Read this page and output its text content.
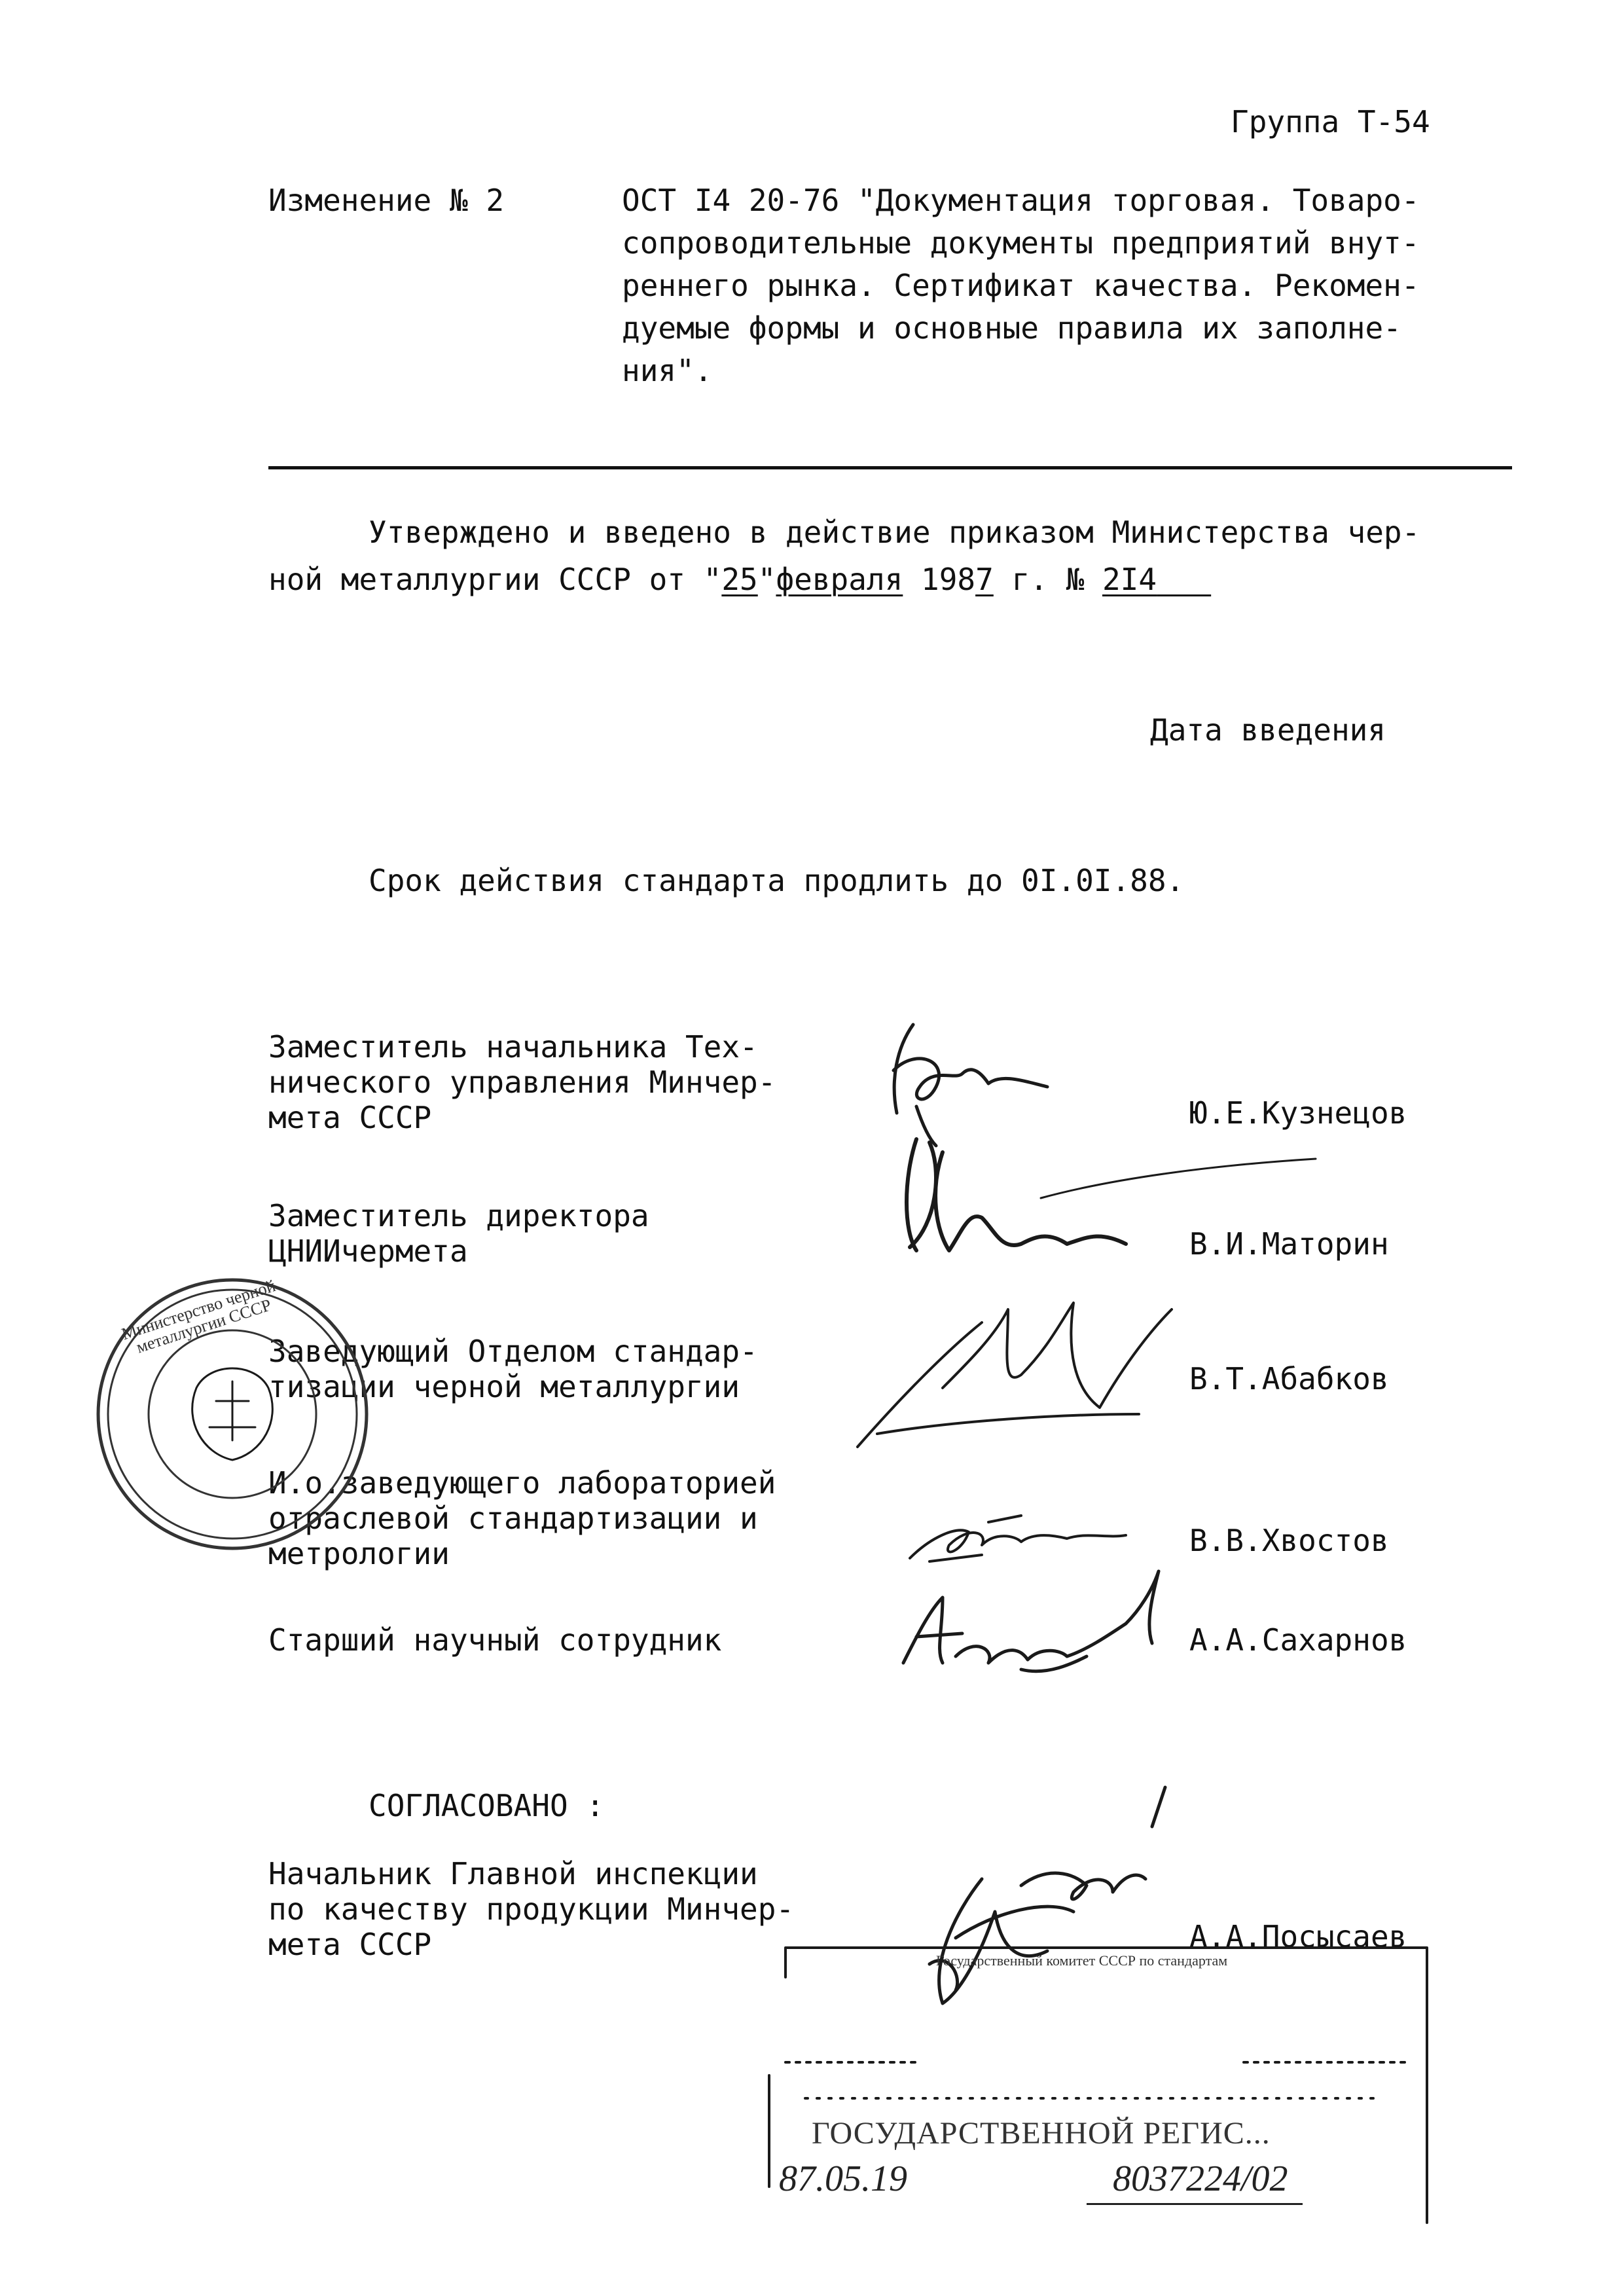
Группа Т-54
Изменение № 2	ОСТ I4 20-76 "Документация торговая. Товаро-
сопроводительные документы предприятий внут-
реннего рынка. Сертификат качества. Рекомен-
дуемые формы и основные правила их заполне-
ния".
Утверждено и введено в действие приказом Министерства чер-
ной металлургии СССР от "25"февраля 1987 г. № 2I4
Дата введения
Срок действия стандарта продлить до 0I.0I.88.
Заместитель начальника Тех-
нического управления Минчер-
мета СССР	Ю.Е.Кузнецов
Заместитель директора
ЦНИИчермета	В.И.Маторин
Заведующий Отделом стандар-
тизации черной металлургии	В.Т.Абабков
И.о.заведующего лабораторией
отраслевой стандартизации и
метрологии	В.В.Хвостов
Старший научный сотрудник	А.А.Сахарнов
СОГЛАСОВАНО :
Начальник Главной инспекции
по качеству продукции Минчер-
мета СССР	А.А.Посысаев
Министерство черной металлургии СССР
Государственный комитет СССР по стандартам
ГОСУДАРСТВЕННОЙ РЕГИС...
87.05.19	8037224/02
